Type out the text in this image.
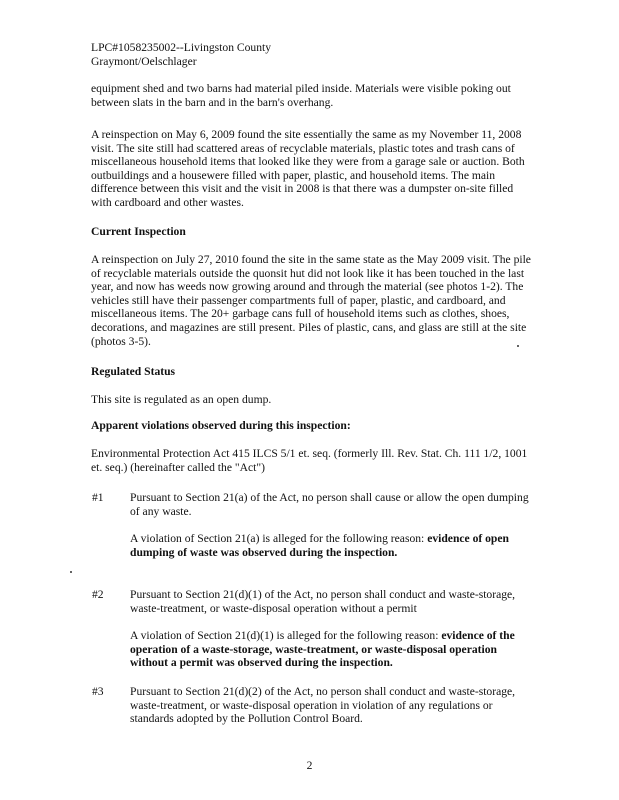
LPC#1058235002--Livingston County
Graymont/Oelschlager
equipment shed and two barns had material piled inside. Materials were visible poking out between slats in the barn and in the barn's overhang.
A reinspection on May 6, 2009 found the site essentially the same as my November 11, 2008 visit. The site still had scattered areas of recyclable materials, plastic totes and trash cans of miscellaneous household items that looked like they were from a garage sale or auction. Both outbuildings and a housewere filled with paper, plastic, and household items. The main difference between this visit and the visit in 2008 is that there was a dumpster on-site filled with cardboard and other wastes.
Current Inspection
A reinspection on July 27, 2010 found the site in the same state as the May 2009 visit. The pile of recyclable materials outside the quonsit hut did not look like it has been touched in the last year, and now has weeds now growing around and through the material (see photos 1-2). The vehicles still have their passenger compartments full of paper, plastic, and cardboard, and miscellaneous items. The 20+ garbage cans full of household items such as clothes, shoes, decorations, and magazines are still present. Piles of plastic, cans, and glass are still at the site (photos 3-5).
Regulated Status
This site is regulated as an open dump.
Apparent violations observed during this inspection:
Environmental Protection Act 415 ILCS 5/1 et. seq. (formerly Ill. Rev. Stat. Ch. 111 1/2, 1001 et. seq.) (hereinafter called the "Act")
#1 Pursuant to Section 21(a) of the Act, no person shall cause or allow the open dumping of any waste.
A violation of Section 21(a) is alleged for the following reason: evidence of open dumping of waste was observed during the inspection.
#2 Pursuant to Section 21(d)(1) of the Act, no person shall conduct and waste-storage, waste-treatment, or waste-disposal operation without a permit
A violation of Section 21(d)(1) is alleged for the following reason: evidence of the operation of a waste-storage, waste-treatment, or waste-disposal operation without a permit was observed during the inspection.
#3 Pursuant to Section 21(d)(2) of the Act, no person shall conduct and waste-storage, waste-treatment, or waste-disposal operation in violation of any regulations or standards adopted by the Pollution Control Board.
2
